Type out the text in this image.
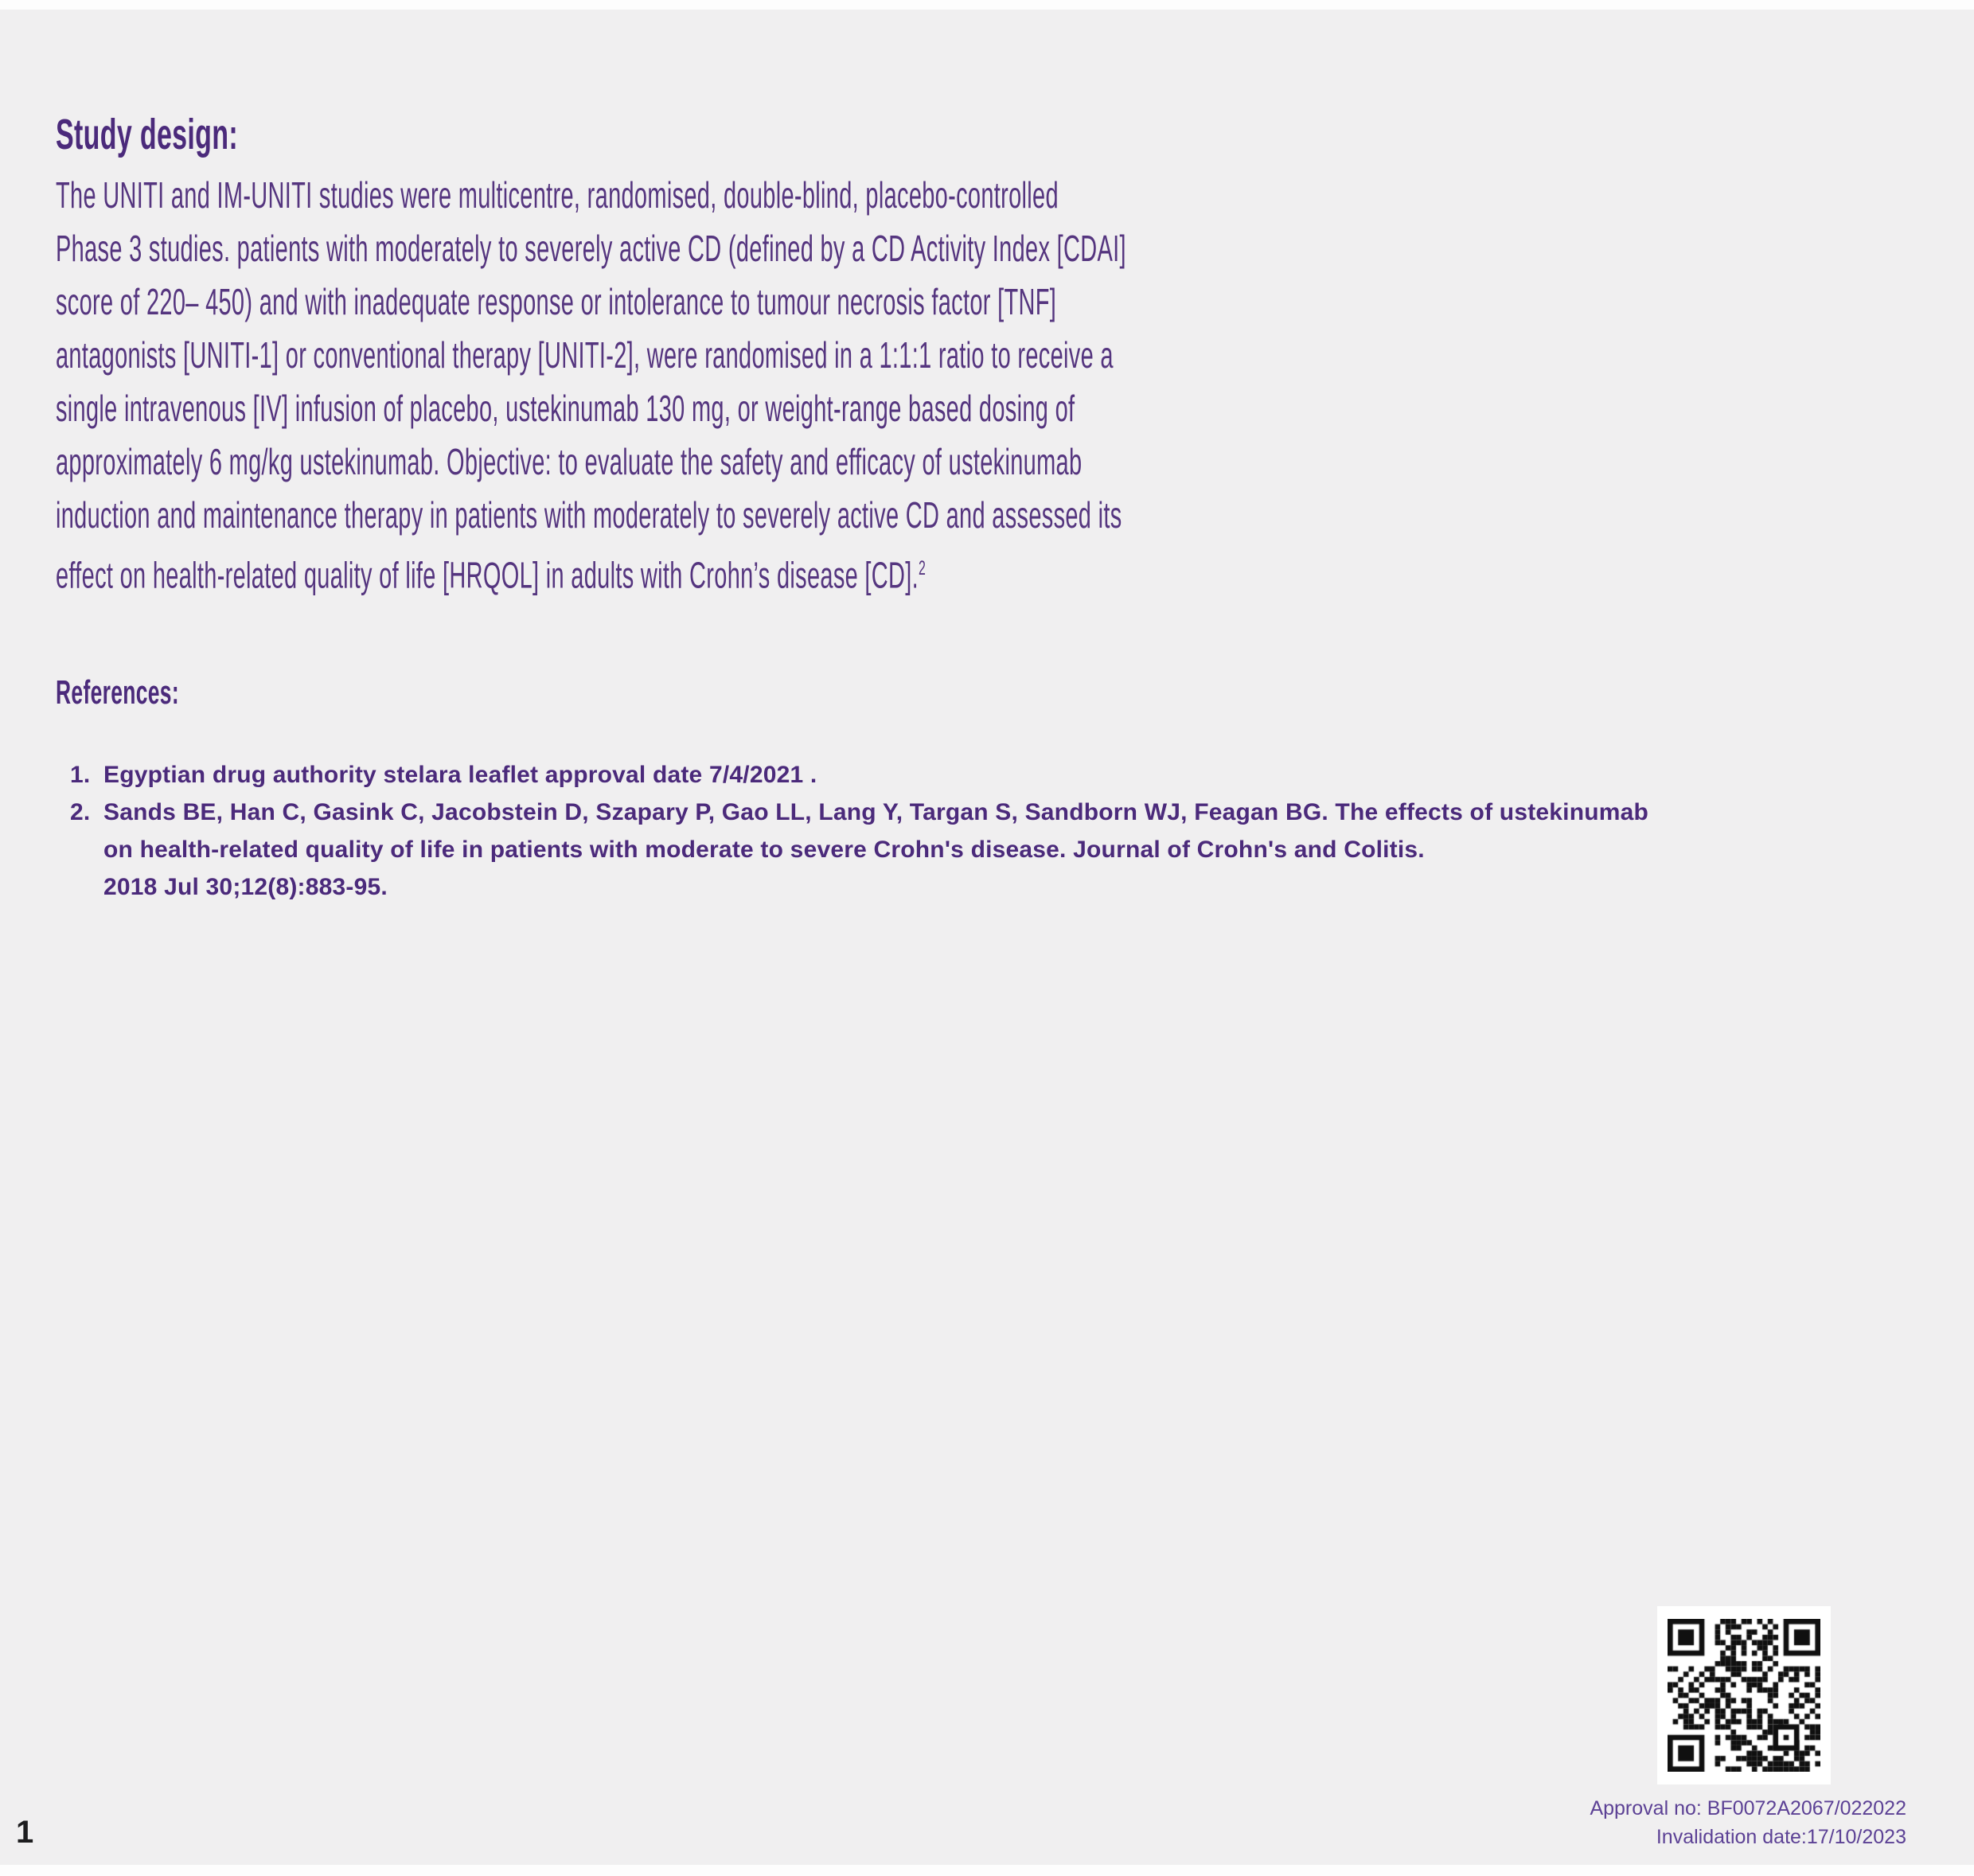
Study design:
The UNITI and IM-UNITI studies were multicentre, randomised, double-blind, placebo-controlled
Phase 3 studies. patients with moderately to severely active CD (defined by a CD Activity Index [CDAI]
score of 220– 450) and with inadequate response or intolerance to tumour necrosis factor [TNF]
antagonists [UNITI-1] or conventional therapy [UNITI-2], were randomised in a 1:1:1 ratio to receive a
single intravenous [IV] infusion of placebo, ustekinumab 130 mg, or weight-range based dosing of
approximately 6 mg/kg ustekinumab. Objective: to evaluate the safety and efficacy of ustekinumab
induction and maintenance therapy in patients with moderately to severely active CD and assessed its
effect on health-related quality of life [HRQOL] in adults with Crohn’s disease [CD].$^2$
References:
1. Egyptian drug authority stelara leaflet approval date 7/4/2021 .
2. Sands BE, Han C, Gasink C, Jacobstein D, Szapary P, Gao LL, Lang Y, Targan S, Sandborn WJ, Feagan BG. The effects of ustekinumab
on health-related quality of life in patients with moderate to severe Crohn's disease. Journal of Crohn's and Colitis.
2018 Jul 30;12(8):883-95.
Approval no: BF0072A2067/022022
Invalidation date:17/10/2023
1
